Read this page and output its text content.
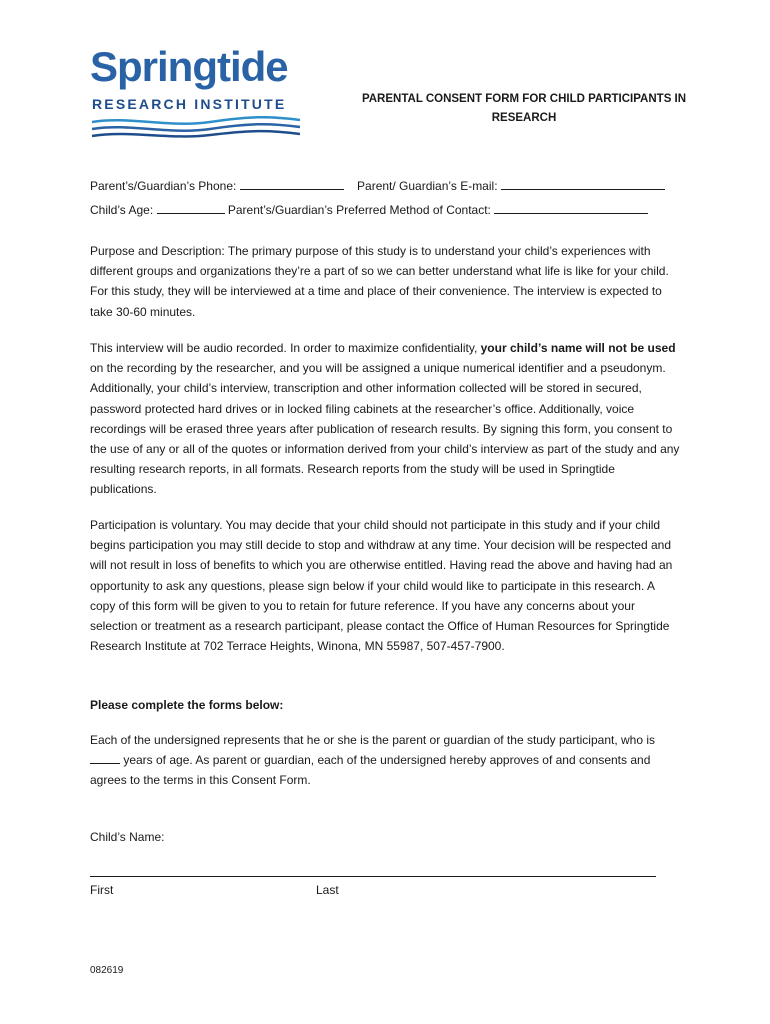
Springtide
RESEARCH INSTITUTE	PARENTAL CONSENT FORM FOR CHILD PARTICIPANTS IN RESEARCH
Parent’s/Guardian’s Phone:	Parent/ Guardian’s E-mail:
Child’s Age:	Parent’s/Guardian’s Preferred Method of Contact:
Purpose and Description: The primary purpose of this study is to understand your child’s experiences with different groups and organizations they’re a part of so we can better understand what life is like for your child. For this study, they will be interviewed at a time and place of their convenience. The interview is expected to take 30-60 minutes.
This interview will be audio recorded. In order to maximize confidentiality, your child’s name will not be used on the recording by the researcher, and you will be assigned a unique numerical identifier and a pseudonym. Additionally, your child’s interview, transcription and other information collected will be stored in secured, password protected hard drives or in locked filing cabinets at the researcher’s office. Additionally, voice recordings will be erased three years after publication of research results. By signing this form, you consent to the use of any or all of the quotes or information derived from your child’s interview as part of the study and any resulting research reports, in all formats. Research reports from the study will be used in Springtide publications.
Participation is voluntary. You may decide that your child should not participate in this study and if your child begins participation you may still decide to stop and withdraw at any time. Your decision will be respected and will not result in loss of benefits to which you are otherwise entitled. Having read the above and having had an opportunity to ask any questions, please sign below if your child would like to participate in this research. A copy of this form will be given to you to retain for future reference. If you have any concerns about your selection or treatment as a research participant, please contact the Office of Human Resources for Springtide Research Institute at 702 Terrace Heights, Winona, MN 55987, 507-457-7900.
Please complete the forms below:
Each of the undersigned represents that he or she is the parent or guardian of the study participant, who is  years of age. As parent or guardian, each of the undersigned hereby approves of and consents and agrees to the terms in this Consent Form.
Child’s Name:
First	Last
082619
